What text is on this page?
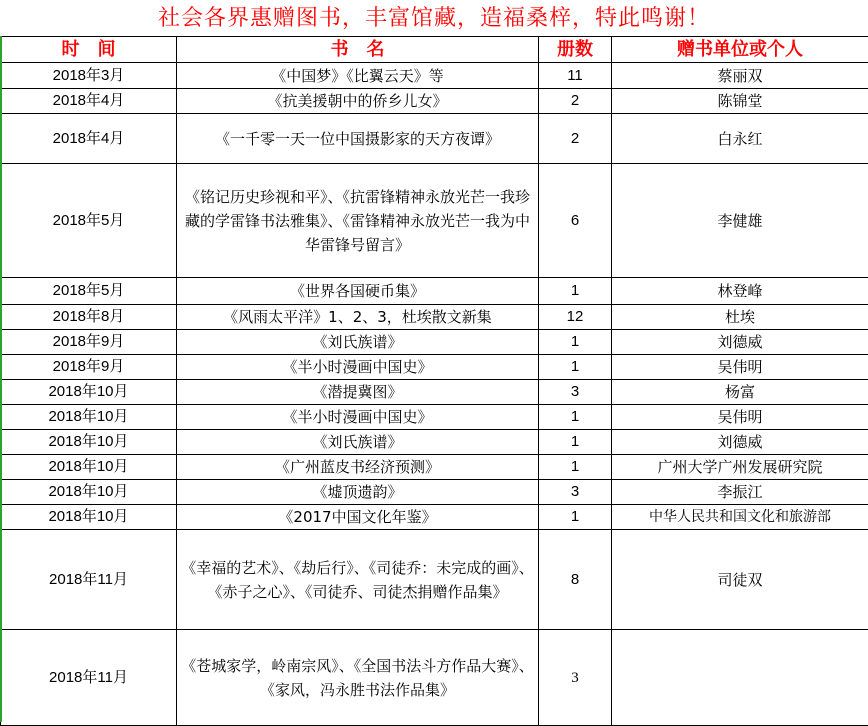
社会各界惠赠图书，丰富馆藏，造福桑梓，特此鸣谢！
时　间	书　名	册数	赠书单位或个人
2018年3月	《中国梦》《比翼云天》等	11	蔡丽双
2018年4月	《抗美援朝中的侨乡儿女》	2	陈锦堂
2018年4月	《一千零一天一位中国摄影家的天方夜谭》	2	白永红
2018年5月	《铭记历史珍视和平》、《抗雷锋精神永放光芒一我珍藏的学雷锋书法雅集》、《雷锋精神永放光芒一我为中华雷锋号留言》	6	李健雄
2018年5月	《世界各国硬币集》	1	林登峰
2018年8月	《风雨太平洋》1、2、3，杜埃散文新集	12	杜埃
2018年9月	《刘氏族谱》	1	刘德威
2018年9月	《半小时漫画中国史》	1	吴伟明
2018年10月	《潜提冀图》	3	杨富
2018年10月	《半小时漫画中国史》	1	吴伟明
2018年10月	《刘氏族谱》	1	刘德威
2018年10月	《广州蓝皮书经济预测》	1	广州大学广州发展研究院
2018年10月	《墟顶遗韵》	3	李振江
2018年10月	《2017中国文化年鉴》	1	中华人民共和国文化和旅游部
2018年11月	《幸福的艺术》、《劫后行》、《司徒乔：未完成的画》、《赤子之心》、《司徒乔、司徒杰捐赠作品集》	8	司徒双
2018年11月	《苍城家学，岭南宗风》、《全国书法斗方作品大赛》、《家风，冯永胜书法作品集》	3	
